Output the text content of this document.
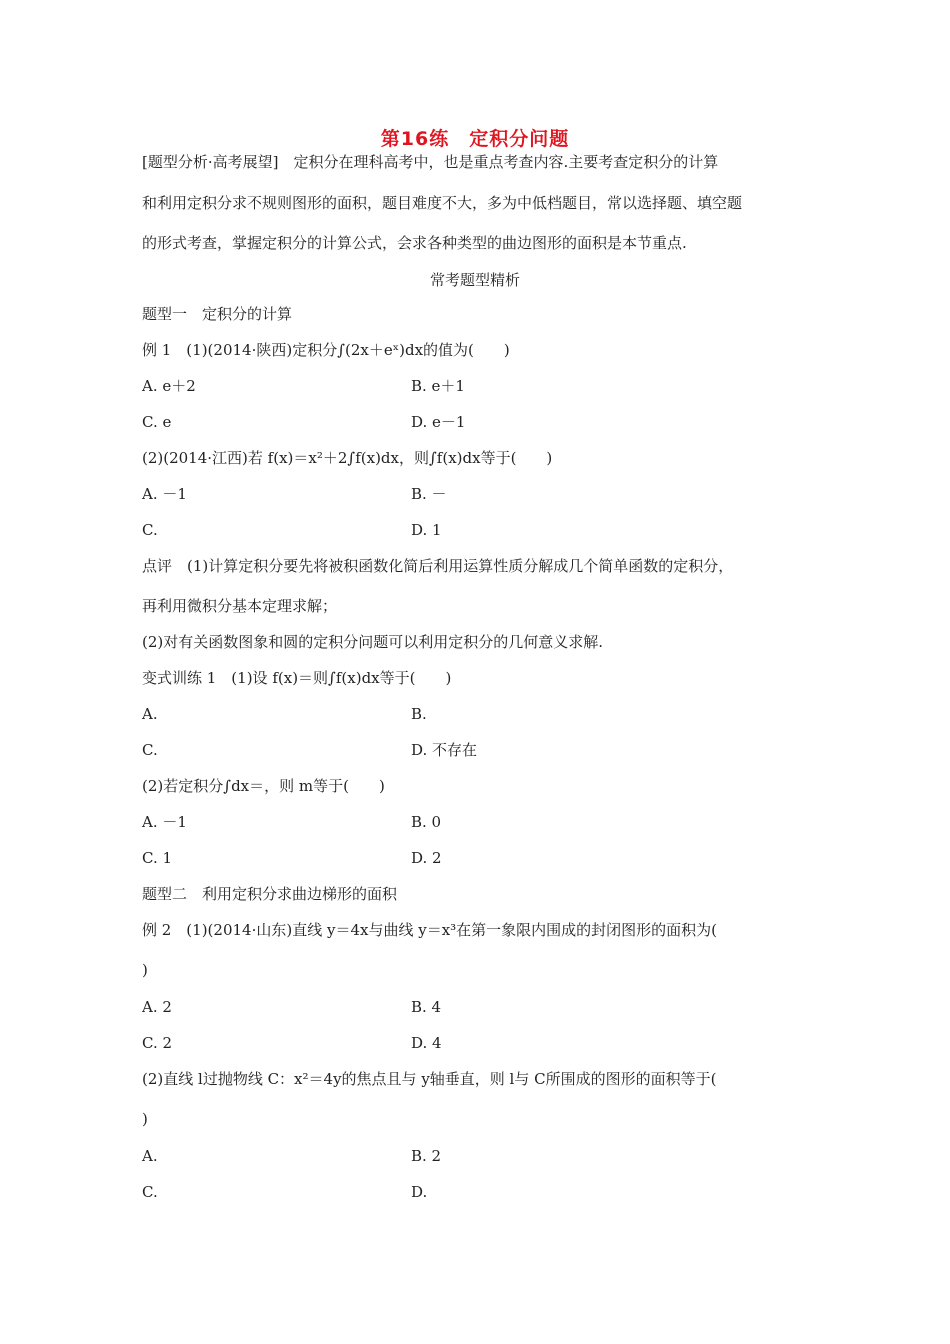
第16练　定积分问题
[题型分析·高考展望]　定积分在理科高考中，也是重点考查内容.主要考查定积分的计算
和利用定积分求不规则图形的面积，题目难度不大，多为中低档题目，常以选择题、填空题
的形式考查，掌握定积分的计算公式，会求各种类型的曲边图形的面积是本节重点.
常考题型精析
题型一　定积分的计算
例 1　(1)(2014·陕西)定积分∫(2x＋eˣ)dx的值为(　　)
A. e＋2	B. e＋1
C. e	D. e－1
(2)(2014·江西)若 f(x)＝x²＋2∫f(x)dx，则∫f(x)dx等于(　　)
A. －1	B. －
C.	D. 1
点评　(1)计算定积分要先将被积函数化简后利用运算性质分解成几个简单函数的定积分，
再利用微积分基本定理求解；
(2)对有关函数图象和圆的定积分问题可以利用定积分的几何意义求解.
变式训练 1　(1)设 f(x)＝则∫f(x)dx等于(　　)
A.	B.
C.	D. 不存在
(2)若定积分∫dx＝，则 m等于(　　)
A. －1	B. 0
C. 1	D. 2
题型二　利用定积分求曲边梯形的面积
例 2　(1)(2014·山东)直线 y＝4x与曲线 y＝x³在第一象限内围成的封闭图形的面积为(
)
A. 2	B. 4
C. 2	D. 4
(2)直线 l过抛物线 C：x²＝4y的焦点且与 y轴垂直，则 l与 C所围成的图形的面积等于(
)
A.	B. 2
C.	D.
